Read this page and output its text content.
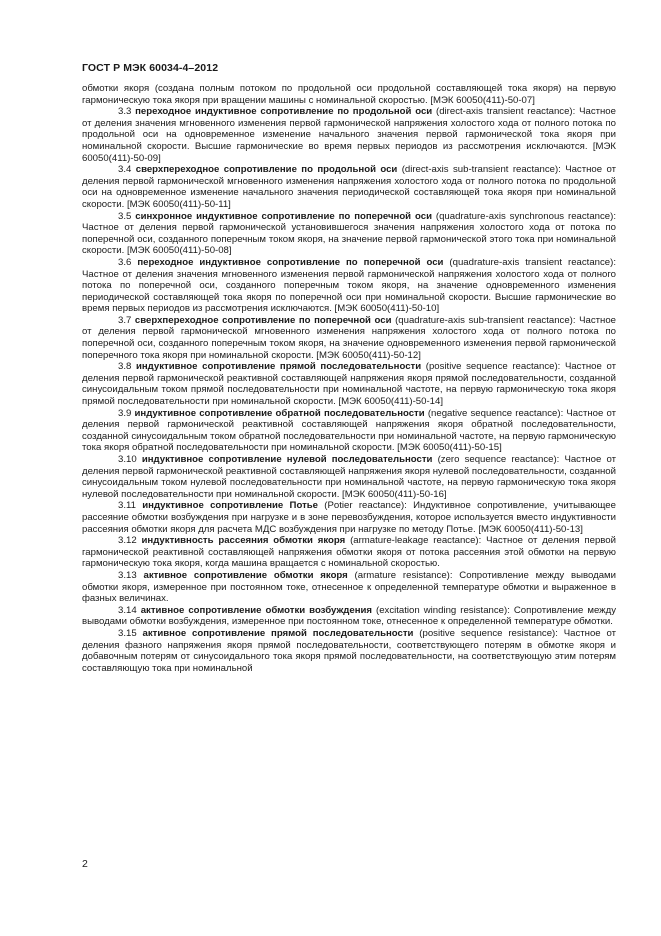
ГОСТ Р МЭК 60034-4–2012

обмотки якоря (создана полным потоком по продольной оси продольной составляющей тока якоря) на первую гармоническую тока якоря при вращении машины с номинальной скоростью. [МЭК 60050(411)-50-07]

3.3 переходное индуктивное сопротивление по продольной оси (direct-axis transient reactance): Частное от деления значения мгновенного изменения первой гармонической напряжения холостого хода от полного потока по продольной оси на одновременное изменение начального значения первой гармонической тока якоря при номинальной скорости. Высшие гармонические во время первых периодов из рассмотрения исключаются. [МЭК 60050(411)-50-09]

3.4 сверхпереходное сопротивление по продольной оси (direct-axis sub-transient reactance): Частное от деления первой гармонической мгновенного изменения напряжения холостого хода от полного потока по продольной оси на одновременное изменение начального значения периодической составляющей тока якоря при номинальной скорости. [МЭК 60050(411)-50-11]

3.5 синхронное индуктивное сопротивление по поперечной оси (quadrature-axis synchronous reactance): Частное от деления первой гармонической установившегося значения напряжения холостого хода от потока по поперечной оси, созданного поперечным током якоря, на значение первой гармонической этого тока при номинальной скорости. [МЭК 60050(411)-50-08]

3.6 переходное индуктивное сопротивление по поперечной оси (quadrature-axis transient reactance): Частное от деления значения мгновенного изменения первой гармонической напряжения холостого хода от полного потока по поперечной оси, созданного поперечным током якоря, на значение одновременного изменения периодической составляющей тока якоря по поперечной оси при номинальной скорости. Высшие гармонические во время первых периодов из рассмотрения исключаются. [МЭК 60050(411)-50-10]

3.7 сверхпереходное сопротивление по поперечной оси (quadrature-axis sub-transient reactance): Частное от деления первой гармонической мгновенного изменения напряжения холостого хода от полного потока по поперечной оси, созданного поперечным током якоря, на значение одновременного изменения первой гармонической поперечного тока якоря при номинальной скорости. [МЭК 60050(411)-50-12]

3.8 индуктивное сопротивление прямой последовательности (positive sequence reactance): Частное от деления первой гармонической реактивной составляющей напряжения якоря прямой последовательности, созданной синусоидальным током прямой последовательности при номинальной частоте, на первую гармоническую тока якоря прямой последовательности при номинальной скорости. [МЭК 60050(411)-50-14]

3.9 индуктивное сопротивление обратной последовательности (negative sequence reactance): Частное от деления первой гармонической реактивной составляющей напряжения якоря обратной последовательности, созданной синусоидальным током обратной последовательности при номинальной частоте, на первую гармоническую тока якоря обратной последовательности при номинальной скорости. [МЭК 60050(411)-50-15]

3.10 индуктивное сопротивление нулевой последовательности (zero sequence reactance): Частное от деления первой гармонической реактивной составляющей напряжения якоря нулевой последовательности, созданной синусоидальным током нулевой последовательности при номинальной частоте, на первую гармоническую тока якоря нулевой последовательности при номинальной скорости. [МЭК 60050(411)-50-16]

3.11 индуктивное сопротивление Потье (Potier reactance): Индуктивное сопротивление, учитывающее рассеяние обмотки возбуждения при нагрузке и в зоне перевозбуждения, которое используется вместо индуктивности рассеяния обмотки якоря для расчета МДС возбуждения при нагрузке по методу Потье. [МЭК 60050(411)-50-13]

3.12 индуктивность рассеяния обмотки якоря (armature-leakage reactance): Частное от деления первой гармонической реактивной составляющей напряжения обмотки якоря от потока рассеяния этой обмотки на первую гармоническую тока якоря, когда машина вращается с номинальной скоростью.

3.13 активное сопротивление обмотки якоря (armature resistance): Сопротивление между выводами обмотки якоря, измеренное при постоянном токе, отнесенное к определенной температуре обмотки и выраженное в фазных величинах.

3.14 активное сопротивление обмотки возбуждения (excitation winding resistance): Сопротивление между выводами обмотки возбуждения, измеренное при постоянном токе, отнесенное к определенной температуре обмотки.

3.15 активное сопротивление прямой последовательности (positive sequence resistance): Частное от деления фазного напряжения якоря прямой последовательности, соответствующего потерям в обмотке якоря и добавочным потерям от синусоидального тока якоря прямой последовательности, на соответствующую этим потерям составляющую тока при номинальной

2
